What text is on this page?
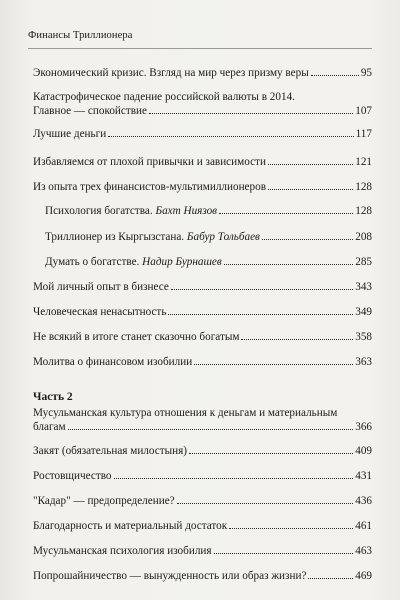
Финансы Триллионера
Экономический кризис. Взгляд на мир через призму веры	95
Катастрофическое падение российской валюты в 2014.
Главное — спокойствие	107
Лучшие деньги	117
Избавляемся от плохой привычки и зависимости	121
Из опыта трех финансистов-мультимиллионеров	128
Психология богатства. Бахт Ниязов	128
Триллионер из Кыргызстана. Бабур Тольбаев	208
Думать о богатстве. Надир Бурнашев	285
Мой личный опыт в бизнесе	343
Человеческая ненасытность	349
Не всякий в итоге станет сказочно богатым	358
Молитва о финансовом изобилии	363
Часть 2
Мусульманская культура отношения к деньгам и материальным
благам	366
Закят (обязательная милостыня)	409
Ростовщичество	431
"Кадар" — предопределение?	436
Благодарность и материальный достаток	461
Мусульманская психология изобилия	463
Попрошайничество — вынужденность или образ жизни?	469
